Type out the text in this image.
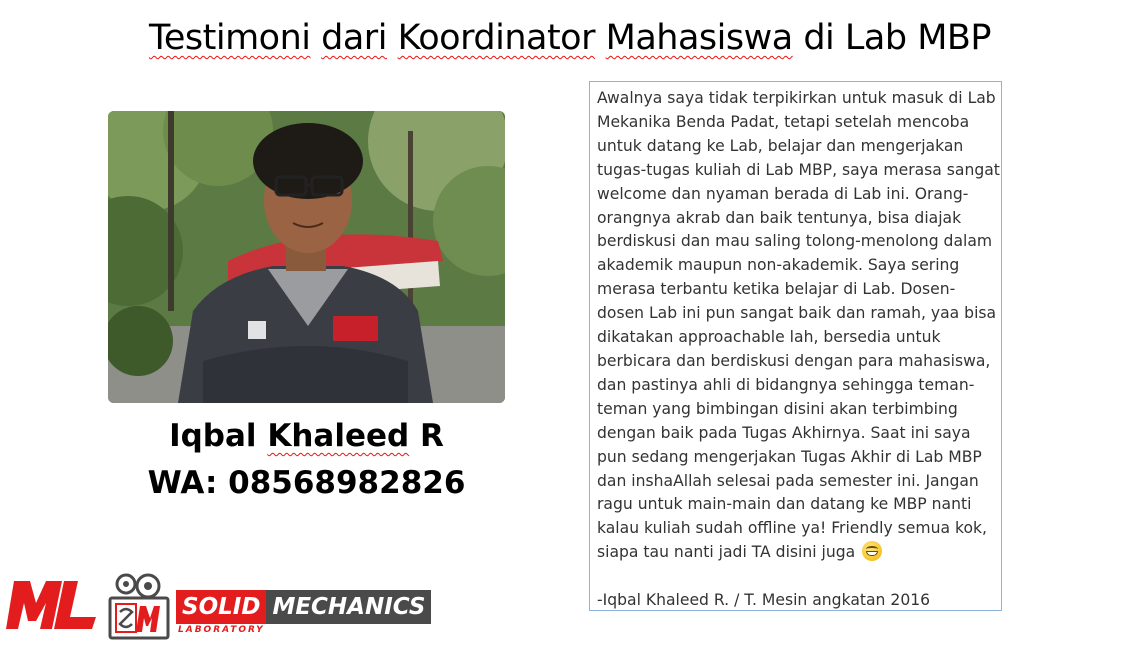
Testimoni dari Koordinator Mahasiswa di Lab MBP
Iqbal Khaleed R
WA: 08568982826
Awalnya saya tidak terpikirkan untuk masuk di Lab
Mekanika Benda Padat, tetapi setelah mencoba
untuk datang ke Lab, belajar dan mengerjakan
tugas-tugas kuliah di Lab MBP, saya merasa sangat
welcome dan nyaman berada di Lab ini. Orang-
orangnya akrab dan baik tentunya, bisa diajak
berdiskusi dan mau saling tolong-menolong dalam
akademik maupun non-akademik. Saya sering
merasa terbantu ketika belajar di Lab. Dosen-
dosen Lab ini pun sangat baik dan ramah, yaa bisa
dikatakan approachable lah, bersedia untuk
berbicara dan berdiskusi dengan para mahasiswa,
dan pastinya ahli di bidangnya sehingga teman-
teman yang bimbingan disini akan terbimbing
dengan baik pada Tugas Akhirnya. Saat ini saya
pun sedang mengerjakan Tugas Akhir di Lab MBP
dan inshaAllah selesai pada semester ini. Jangan
ragu untuk main-main dan datang ke MBP nanti
kalau kuliah sudah offline ya! Friendly semua kok,
siapa tau nanti jadi TA disini juga
-Iqbal Khaleed R. / T. Mesin angkatan 2016
SOLID MECHANICS
LABORATORY
